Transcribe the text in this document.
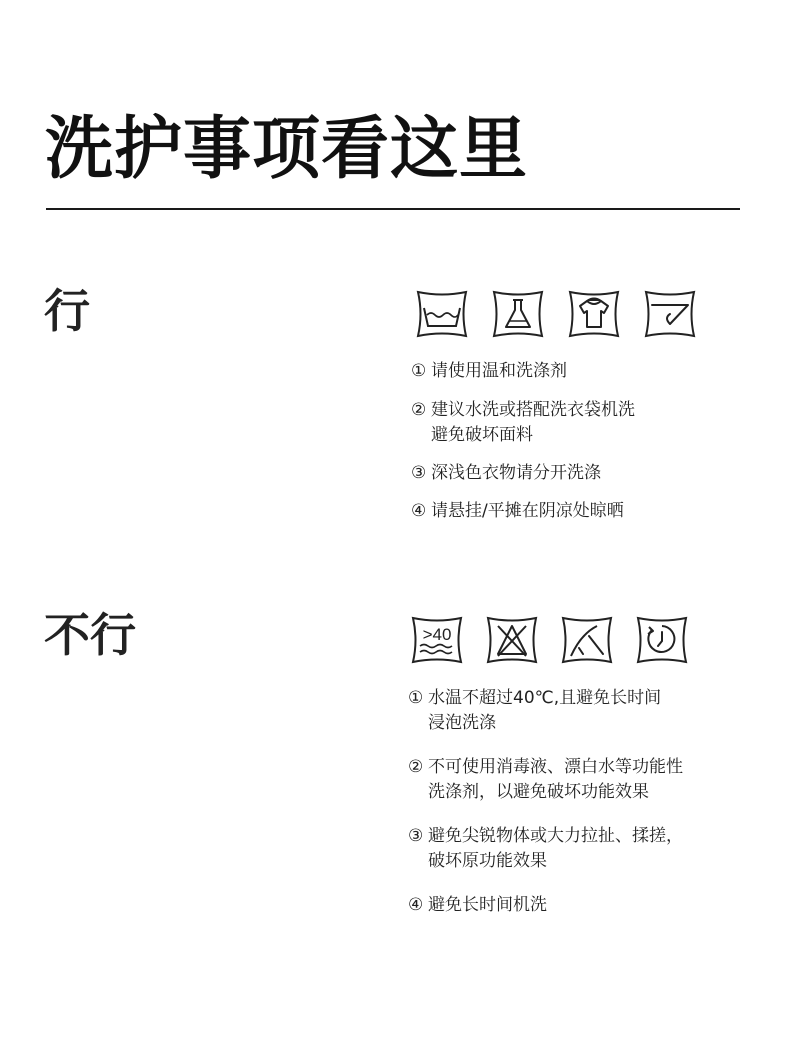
洗护事项看这里
行
① 请使用温和洗涤剂
② 建议水洗或搭配洗衣袋机洗
避免破坏面料
③ 深浅色衣物请分开洗涤
④ 请悬挂/平摊在阴凉处晾晒
不行	>40
① 水温不超过40℃,且避免长时间
浸泡洗涤
② 不可使用消毒液、漂白水等功能性
洗涤剂，以避免破坏功能效果
③ 避免尖锐物体或大力拉扯、揉搓，
破坏原功能效果
④ 避免长时间机洗
